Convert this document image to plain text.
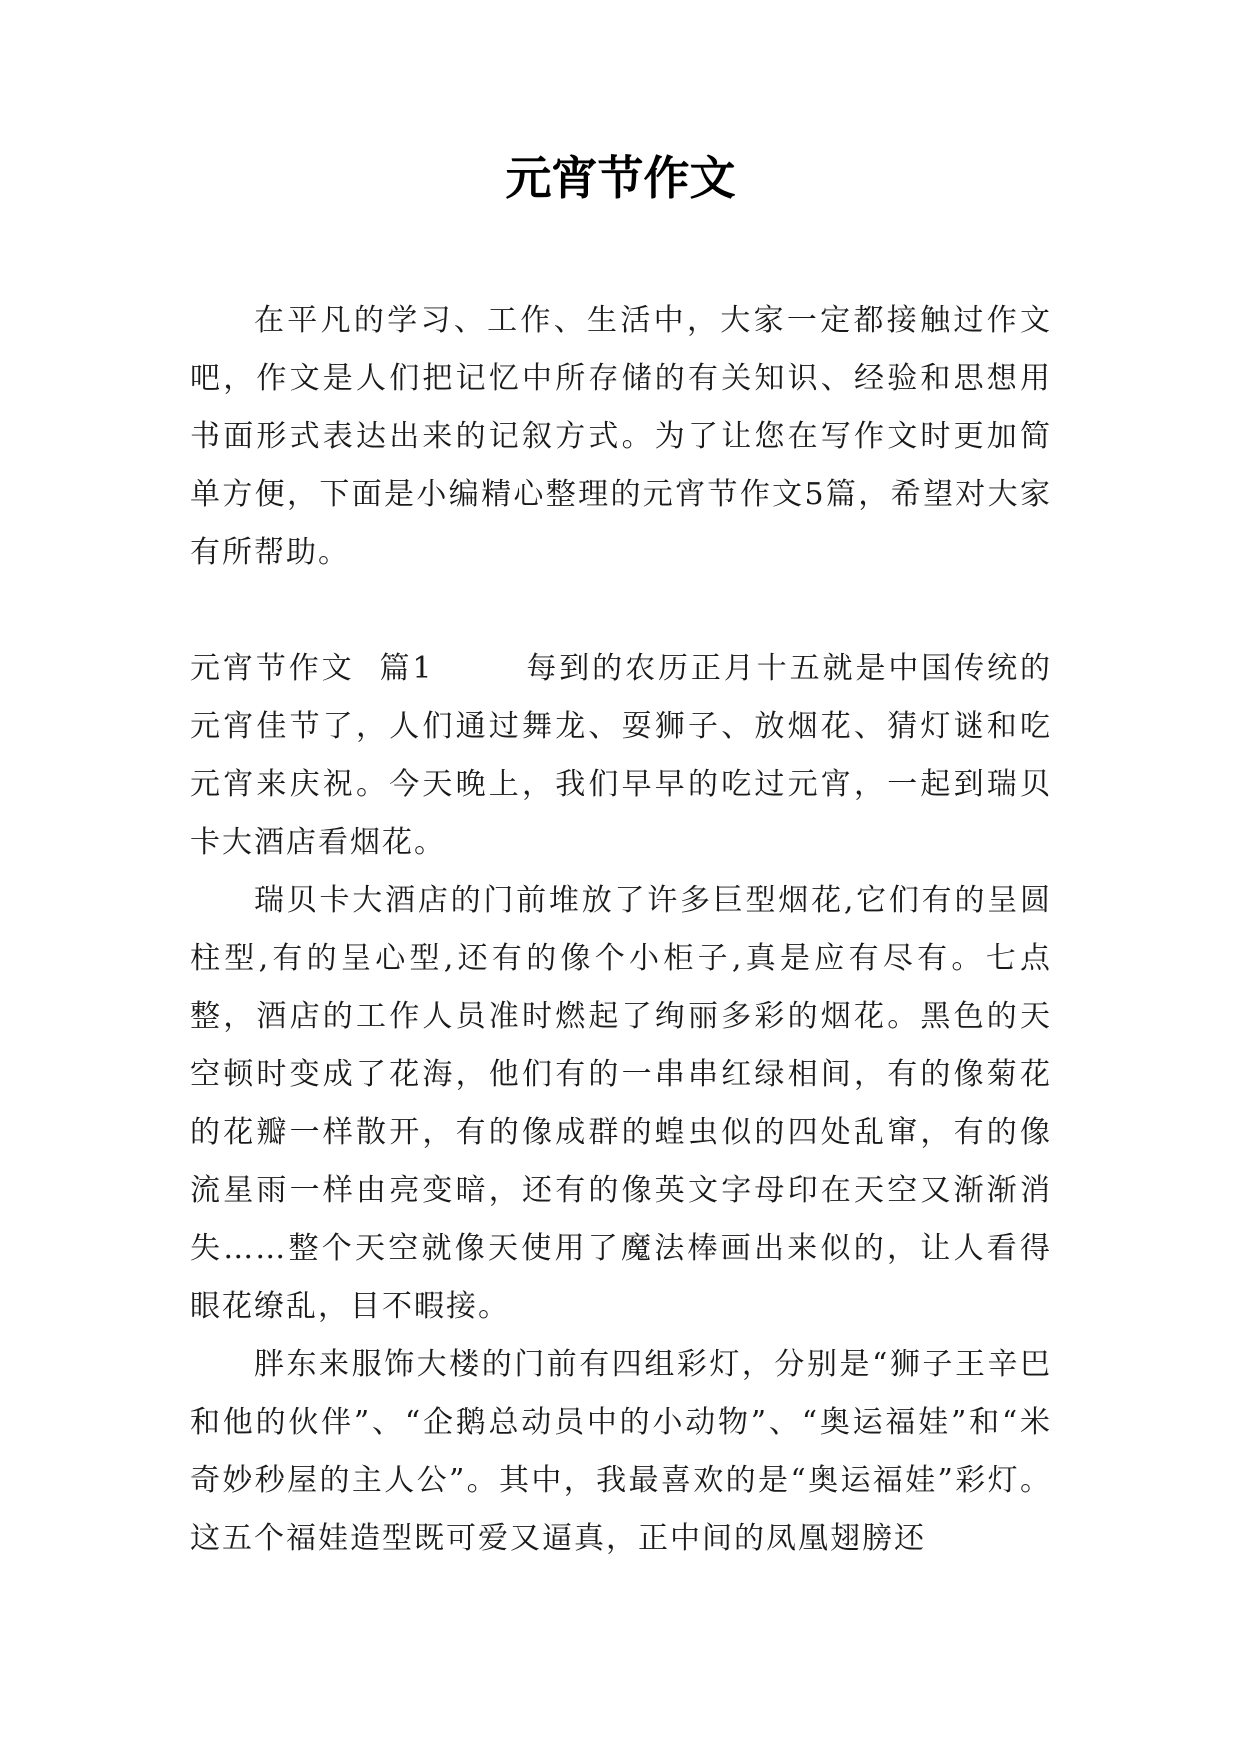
元宵节作文

在平凡的学习、工作、生活中，大家一定都接触过作文吧，作文是人们把记忆中所存储的有关知识、经验和思想用书面形式表达出来的记叙方式。为了让您在写作文时更加简单方便，下面是小编精心整理的元宵节作文5篇，希望对大家有所帮助。

元宵节作文  篇1	每到的农历正月十五就是中国传统的元宵佳节了，人们通过舞龙、耍狮子、放烟花、猜灯谜和吃元宵来庆祝。今天晚上，我们早早的吃过元宵，一起到瑞贝卡大酒店看烟花。

瑞贝卡大酒店的门前堆放了许多巨型烟花,它们有的呈圆柱型,有的呈心型,还有的像个小柜子,真是应有尽有。七点整，酒店的工作人员准时燃起了绚丽多彩的烟花。黑色的天空顿时变成了花海，他们有的一串串红绿相间，有的像菊花的花瓣一样散开，有的像成群的蝗虫似的四处乱窜，有的像流星雨一样由亮变暗，还有的像英文字母印在天空又渐渐消失……整个天空就像天使用了魔法棒画出来似的，让人看得眼花缭乱，目不暇接。

胖东来服饰大楼的门前有四组彩灯，分别是“狮子王辛巴和他的伙伴”、“企鹅总动员中的小动物”、“奥运福娃”和“米奇妙秒屋的主人公”。其中，我最喜欢的是“奥运福娃”彩灯。这五个福娃造型既可爱又逼真，正中间的凤凰翅膀还
